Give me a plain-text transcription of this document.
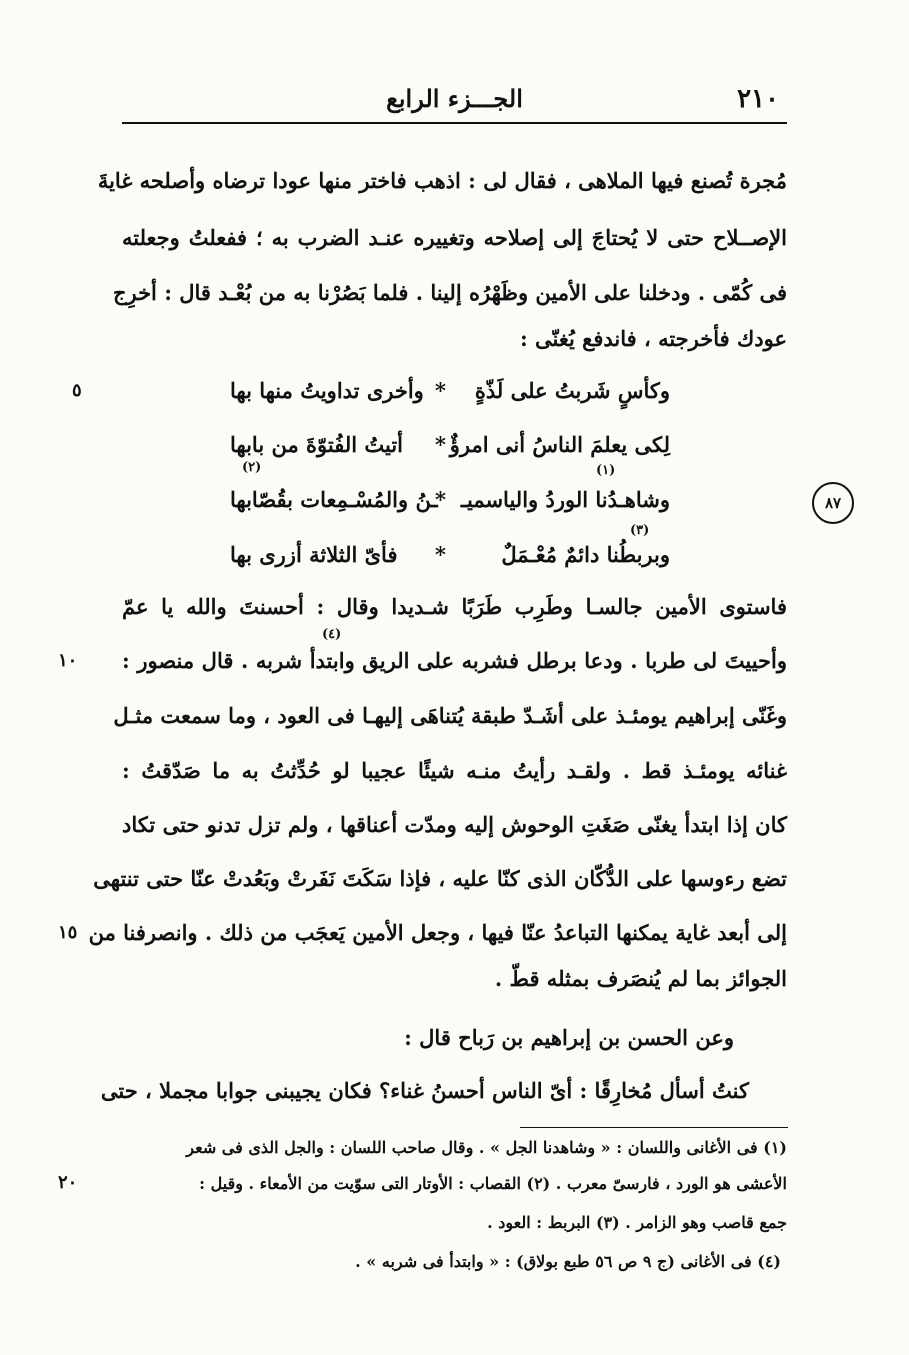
٢١٠
الجـــزء الرابع
مُجرة تُصنع فيها الملاهى ، فقال لى : اذهب فاختر منها عودا ترضاه وأصلحه غايةَ
الإصــلاح حتى لا يُحتاجَ إلى إصلاحه وتغييره عنـد الضرب به ؛ ففعلتُ وجعلته
فى كُمّى . ودخلنا على الأمين وظَهْرُه إلينا . فلما بَصُرْنا به من بُعْـد قال : أخرِج
عودك فأخرجته ، فاندفع يُغنّى :
وكأسٍ شَربتُ على لَذّةٍ
*
وأخرى تداويتُ منها بها
لِكى يعلمَ الناسُ أنى امرؤٌ
*
أتيتُ الفُتوّةَ من بابها
وشاهـدُنا الوردُ والياسميـ
*
ـنُ والمُسْـمِعات بقُصّابها
وبربطُنا دائمٌ مُعْـمَلٌ
*
فأىّ الثلاثة أزرى بها
(١)
(٢)
(٣)
(٤)
فاستوى الأمين جالسـا وطَرِب طَرَبًا شـديدا وقال : أحسنتَ والله يا عمّ
وأحييتَ لى طربا . ودعا برطل فشربه على الريق وابتدأ شربه . قال منصور :
وغَنّى إبراهيم يومئـذ على أشَـدّ طبقة يُتناهَى إليهـا فى العود ، وما سمعت مثـل
غنائه يومئـذ قط . ولقـد رأيتُ منـه شيئًا عجيبا لو حُدِّثتُ به ما صَدّقتُ :
كان إذا ابتدأ يغنّى صَغَتِ الوحوش إليه ومدّت أعناقها ، ولم تزل تدنو حتى تكاد
تضع رءوسها على الدُّكّان الذى كنّا عليه ، فإذا سَكَتَ نَفَرتْ وبَعُدتْ عنّا حتى تنتهى
إلى أبعد غاية يمكنها التباعدُ عنّا فيها ، وجعل الأمين يَعجَب من ذلك . وانصرفنا من
الجوائز بما لم يُنصَرف بمثله قطّ .
وعن الحسن بن إبراهيم بن رَباح قال :
كنتُ أسأل مُخارِقًا : أىّ الناس أحسنُ غناء؟ فكان يجيبنى جوابا مجملا ، حتى
٥
١٠
١٥
٢٠
٨٧
(١) فى الأغانى واللسان : « وشاهدنا الجل » . وقال صاحب اللسان : والجل الذى فى شعر
الأعشى هو الورد ، فارسىّ معرب . (٢) القصاب : الأوتار التى سوّيت من الأمعاء . وقيل :
جمع قاصب وهو الزامر . (٣) البربط : العود .
(٤) فى الأغانى (ج ٩ ص ٥٦ طبع بولاق) : « وابتدأ فى شربه » .
